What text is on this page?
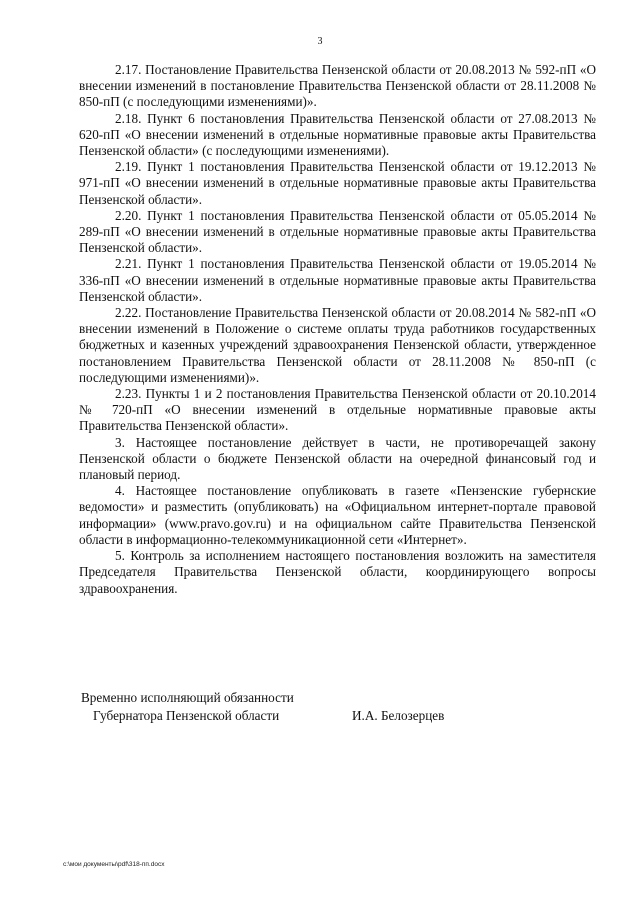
3

2.17. Постановление Правительства Пензенской области от 20.08.2013 № 592-пП «О внесении изменений в постановление Правительства Пензенской области от 28.11.2008 № 850-пП (с последующими изменениями)».

2.18. Пункт 6 постановления Правительства Пензенской области от 27.08.2013 № 620-пП «О внесении изменений в отдельные нормативные правовые акты Правительства Пензенской области» (с последующими изменениями).

2.19. Пункт 1 постановления Правительства Пензенской области от 19.12.2013 № 971-пП «О внесении изменений в отдельные нормативные правовые акты Правительства Пензенской области».

2.20. Пункт 1 постановления Правительства Пензенской области от 05.05.2014 № 289-пП «О внесении изменений в отдельные нормативные правовые акты Правительства Пензенской области».

2.21. Пункт 1 постановления Правительства Пензенской области от 19.05.2014 № 336-пП «О внесении изменений в отдельные нормативные правовые акты Правительства Пензенской области».

2.22. Постановление Правительства Пензенской области от 20.08.2014 № 582-пП «О внесении изменений в Положение о системе оплаты труда работников государственных бюджетных и казенных учреждений здравоохранения Пензенской области, утвержденное постановлением Правительства Пензенской области от 28.11.2008 № 850-пП (с последующими изменениями)».

2.23. Пункты 1 и 2 постановления Правительства Пензенской области от 20.10.2014 № 720-пП «О внесении изменений в отдельные нормативные правовые акты Правительства Пензенской области».

3. Настоящее постановление действует в части, не противоречащей закону Пензенской области о бюджете Пензенской области на очередной финансовый год и плановый период.

4. Настоящее постановление опубликовать в газете «Пензенские губернские ведомости» и разместить (опубликовать) на «Официальном интернет-портале правовой информации» (www.pravo.gov.ru) и на официальном сайте Правительства Пензенской области в информационно-телекоммуникационной сети «Интернет».

5. Контроль за исполнением настоящего постановления возложить на заместителя Председателя Правительства Пензенской области, координирующего вопросы здравоохранения.

Временно исполняющий обязанности
Губернатора Пензенской области	И.А. Белозерцев
c:\мои документы\pdf\318-пп.docx
